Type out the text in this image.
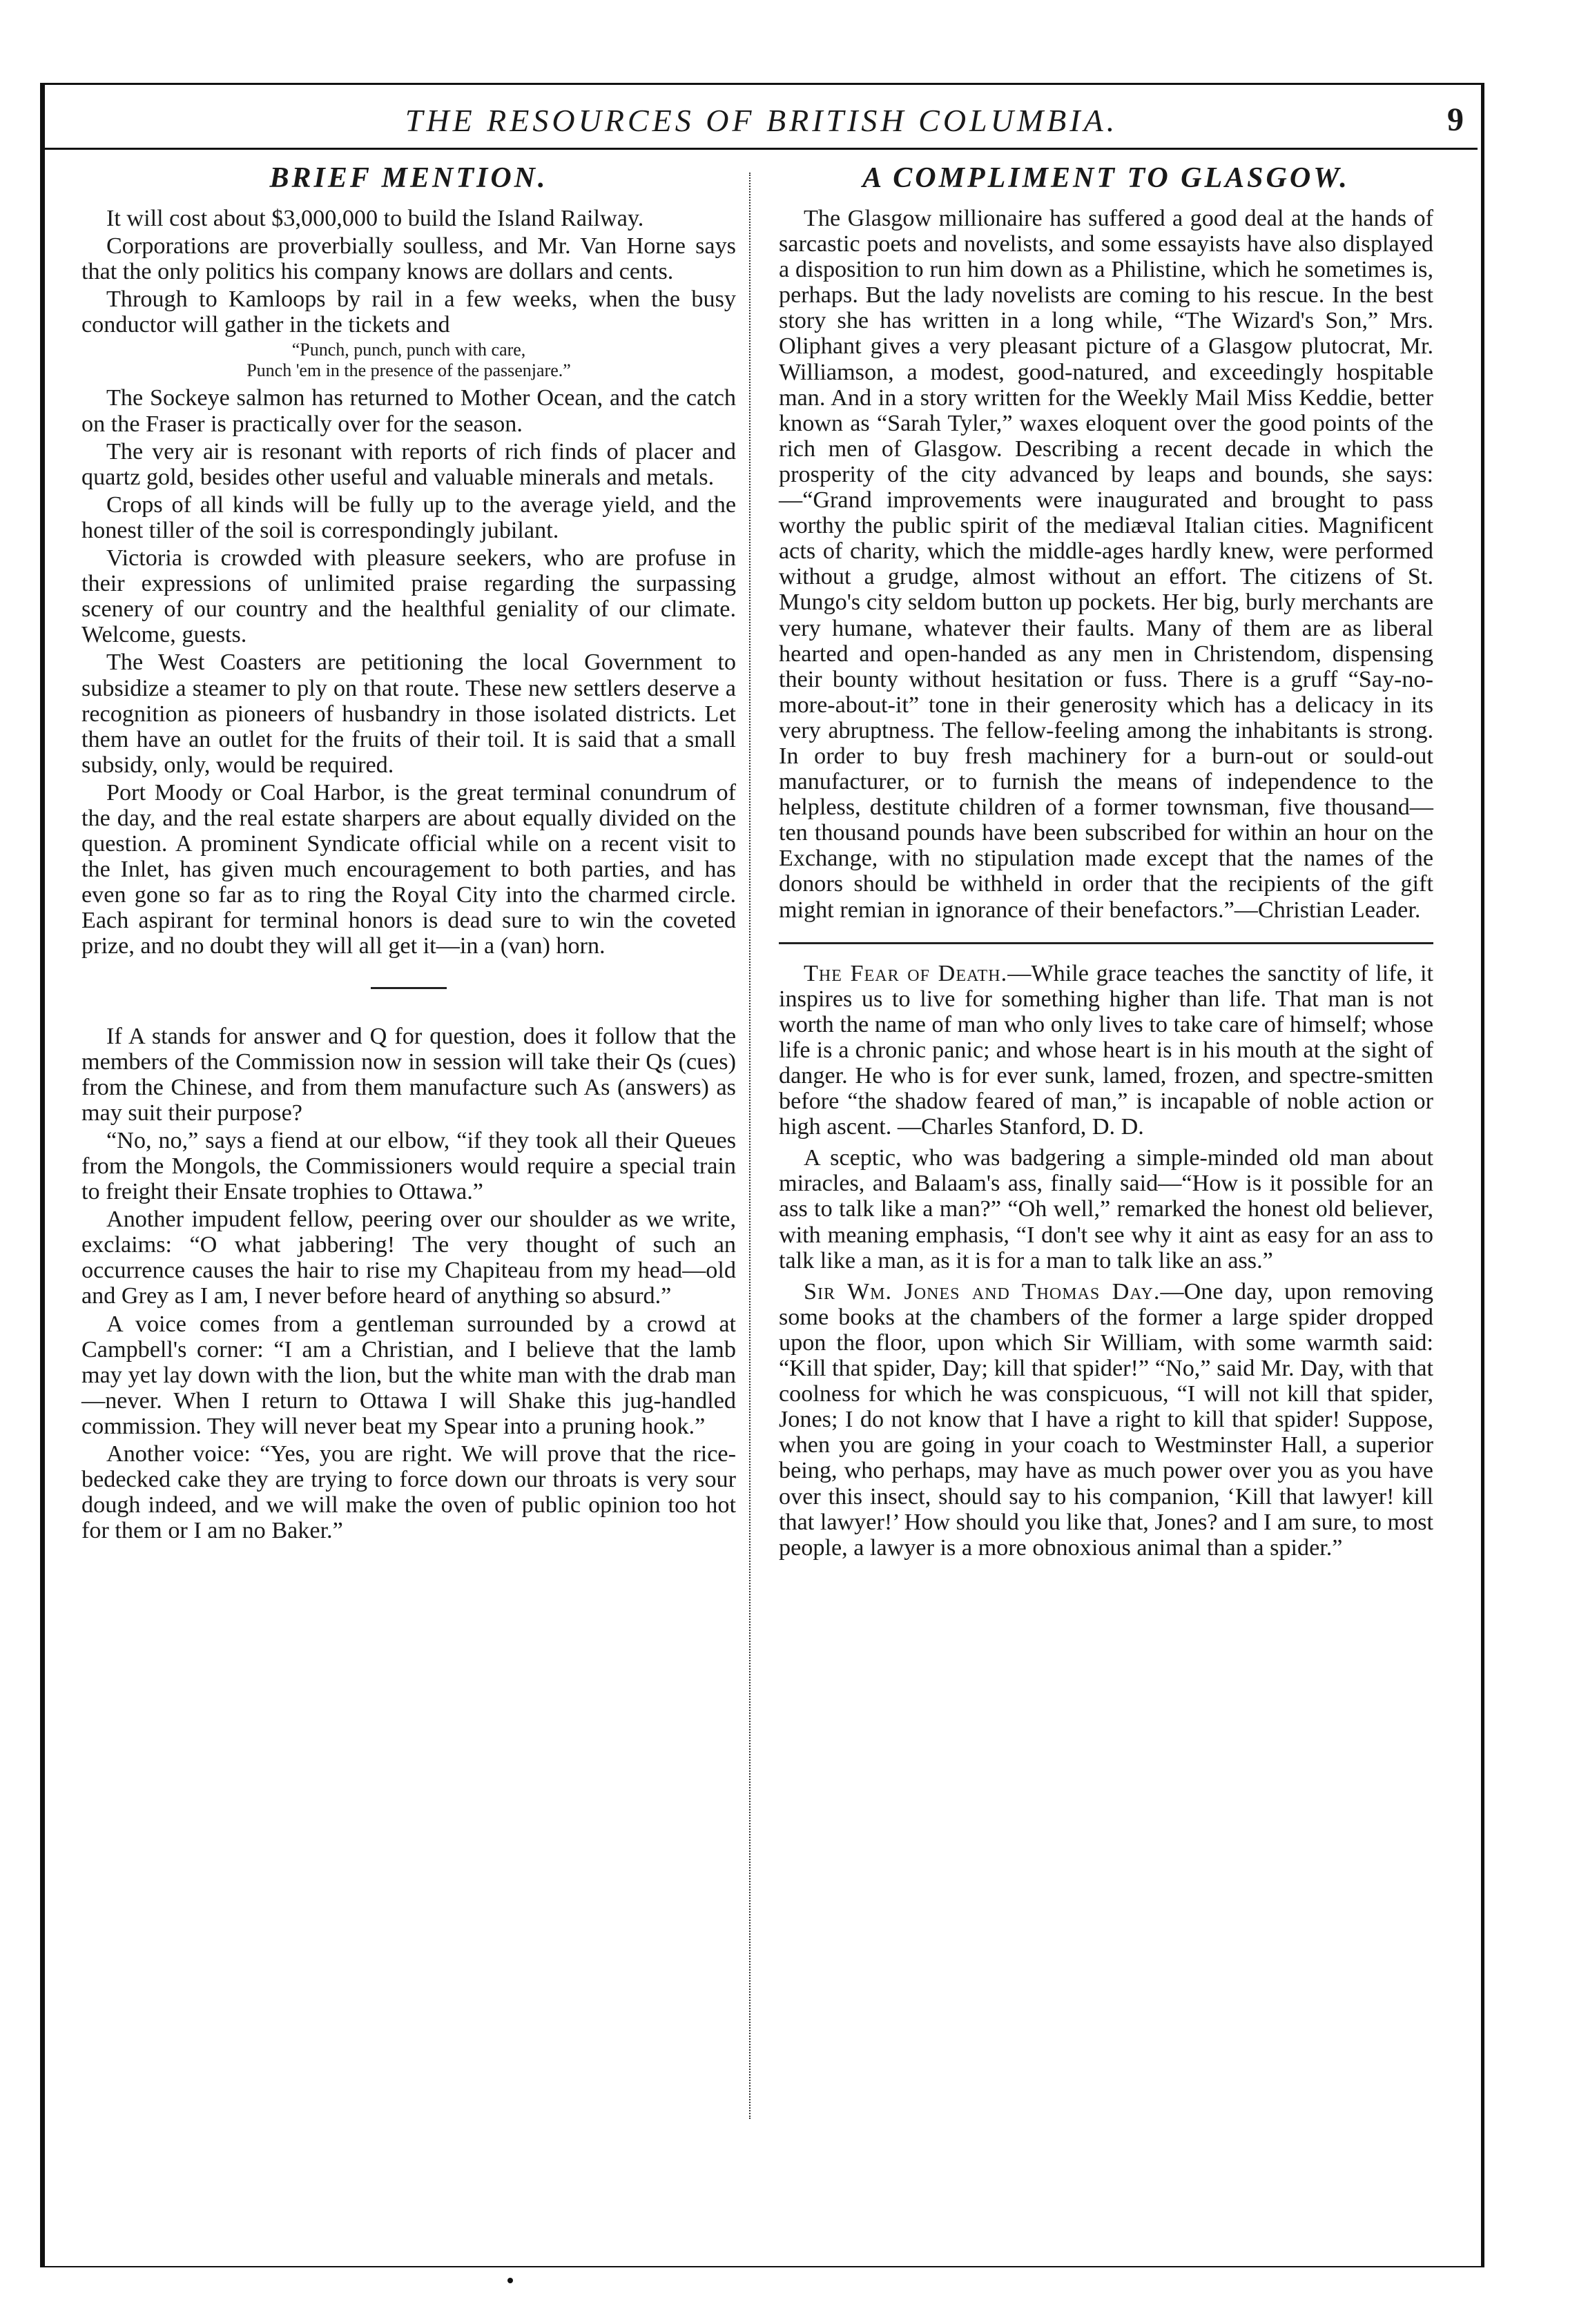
THE RESOURCES OF BRITISH COLUMBIA.	9
BRIEF MENTION.

It will cost about $3,000,000 to build the Island Railway.

Corporations are proverbially soulless, and Mr. Van Horne says that the only politics his company knows are dollars and cents.

Through to Kamloops by rail in a few weeks, when the busy conductor will gather in the tickets and

“Punch, punch, punch with care,
Punch 'em in the presence of the passenjare.”

The Sockeye salmon has returned to Mother Ocean, and the catch on the Fraser is practically over for the season.

The very air is resonant with reports of rich finds of placer and quartz gold, besides other useful and valuable minerals and metals.

Crops of all kinds will be fully up to the average yield, and the honest tiller of the soil is correspondingly jubilant.

Victoria is crowded with pleasure seekers, who are profuse in their expressions of unlimited praise regarding the surpassing scenery of our country and the healthful geniality of our climate. Welcome, guests.

The West Coasters are petitioning the local Government to subsidize a steamer to ply on that route. These new settlers deserve a recognition as pioneers of husbandry in those isolated districts. Let them have an outlet for the fruits of their toil. It is said that a small subsidy, only, would be required.

Port Moody or Coal Harbor, is the great terminal conundrum of the day, and the real estate sharpers are about equally divided on the question. A prominent Syndicate official while on a recent visit to the Inlet, has given much encouragement to both parties, and has even gone so far as to ring the Royal City into the charmed circle. Each aspirant for terminal honors is dead sure to win the coveted prize, and no doubt they will all get it—in a (van) horn.

If A stands for answer and Q for question, does it follow that the members of the Commission now in session will take their Qs (cues) from the Chinese, and from them manufacture such As (answers) as may suit their purpose?

“No, no,” says a fiend at our elbow, “if they took all their Queues from the Mongols, the Commissioners would require a special train to freight their Ensate trophies to Ottawa.”

Another impudent fellow, peering over our shoulder as we write, exclaims: “O what jabbering! The very thought of such an occurrence causes the hair to rise my Chapiteau from my head—old and Grey as I am, I never before heard of anything so absurd.”

A voice comes from a gentleman surrounded by a crowd at Campbell's corner: “I am a Christian, and I believe that the lamb may yet lay down with the lion, but the white man with the drab man—never. When I return to Ottawa I will Shake this jug-handled commission. They will never beat my Spear into a pruning hook.”

Another voice: “Yes, you are right. We will prove that the rice-bedecked cake they are trying to force down our throats is very sour dough indeed, and we will make the oven of public opinion too hot for them or I am no Baker.”

A COMPLIMENT TO GLASGOW.

The Glasgow millionaire has suffered a good deal at the hands of sarcastic poets and novelists, and some essayists have also displayed a disposition to run him down as a Philistine, which he sometimes is, perhaps. But the lady novelists are coming to his rescue. In the best story she has written in a long while, “The Wizard's Son,” Mrs. Oliphant gives a very pleasant picture of a Glasgow plutocrat, Mr. Williamson, a modest, good-natured, and exceedingly hospitable man. And in a story written for the Weekly Mail Miss Keddie, better known as “Sarah Tyler,” waxes eloquent over the good points of the rich men of Glasgow. Describing a recent decade in which the prosperity of the city advanced by leaps and bounds, she says:—“Grand improvements were inaugurated and brought to pass worthy the public spirit of the mediæval Italian cities. Magnificent acts of charity, which the middle-ages hardly knew, were performed without a grudge, almost without an effort. The citizens of St. Mungo's city seldom button up pockets. Her big, burly merchants are very humane, whatever their faults. Many of them are as liberal hearted and open-handed as any men in Christendom, dispensing their bounty without hesitation or fuss. There is a gruff “Say-no-more-about-it” tone in their generosity which has a delicacy in its very abruptness. The fellow-feeling among the inhabitants is strong. In order to buy fresh machinery for a burn-out or sould-out manufacturer, or to furnish the means of independence to the helpless, destitute children of a former townsman, five thousand—ten thousand pounds have been subscribed for within an hour on the Exchange, with no stipulation made except that the names of the donors should be withheld in order that the recipients of the gift might remian in ignorance of their benefactors.”—Christian Leader.

The Fear of Death.—While grace teaches the sanctity of life, it inspires us to live for something higher than life. That man is not worth the name of man who only lives to take care of himself; whose life is a chronic panic; and whose heart is in his mouth at the sight of danger. He who is for ever sunk, lamed, frozen, and spectre-smitten before “the shadow feared of man,” is incapable of noble action or high ascent. —Charles Stanford, D. D.

A sceptic, who was badgering a simple-minded old man about miracles, and Balaam's ass, finally said—“How is it possible for an ass to talk like a man?” “Oh well,” remarked the honest old believer, with meaning emphasis, “I don't see why it aint as easy for an ass to talk like a man, as it is for a man to talk like an ass.”

Sir Wm. Jones and Thomas Day.—One day, upon removing some books at the chambers of the former a large spider dropped upon the floor, upon which Sir William, with some warmth said: “Kill that spider, Day; kill that spider!” “No,” said Mr. Day, with that coolness for which he was conspicuous, “I will not kill that spider, Jones; I do not know that I have a right to kill that spider! Suppose, when you are going in your coach to Westminster Hall, a superior being, who perhaps, may have as much power over you as you have over this insect, should say to his companion, ‘Kill that lawyer! kill that lawyer!’ How should you like that, Jones? and I am sure, to most people, a lawyer is a more obnoxious animal than a spider.”
